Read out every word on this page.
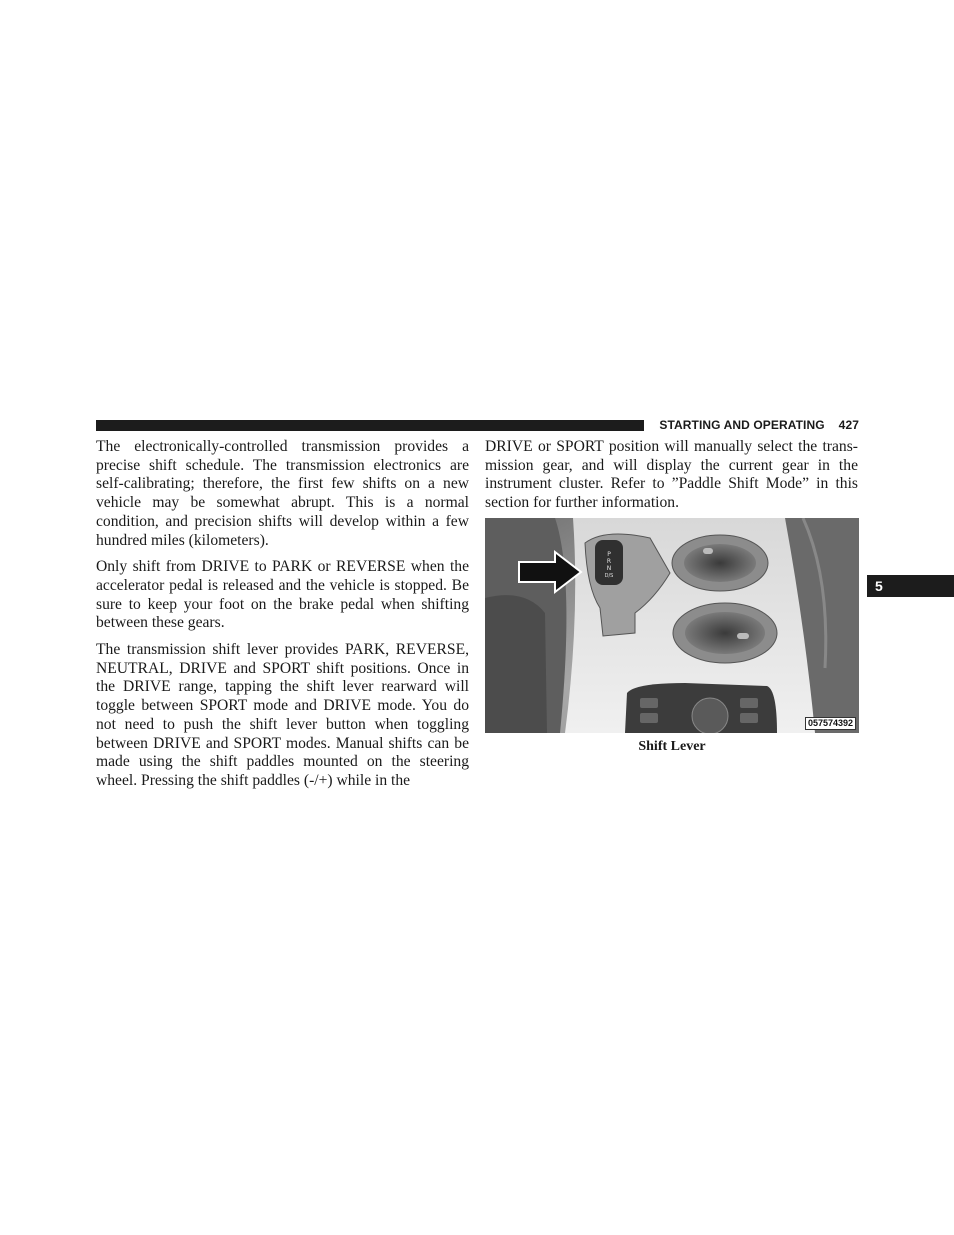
STARTING AND OPERATING 427

The electronically-controlled transmission provides a precise shift schedule. The transmission electronics are self-calibrating; therefore, the first few shifts on a new vehicle may be somewhat abrupt. This is a normal condition, and precision shifts will develop within a few hundred miles (kilometers).

Only shift from DRIVE to PARK or REVERSE when the accelerator pedal is released and the vehicle is stopped. Be sure to keep your foot on the brake pedal when shifting between these gears.

The transmission shift lever provides PARK, REVERSE, NEUTRAL, DRIVE and SPORT shift positions. Once in the DRIVE range, tapping the shift lever rearward will toggle between SPORT mode and DRIVE mode. You do not need to push the shift lever button when toggling between DRIVE and SPORT modes. Manual shifts can be made using the shift paddles mounted on the steering wheel. Pressing the shift paddles (-/+) while in the

DRIVE or SPORT position will manually select the transmission gear, and will display the current gear in the instrument cluster. Refer to ”Paddle Shift Mode” in this section for further information.

P
R
N
D/S
057574392
Shift Lever
5
